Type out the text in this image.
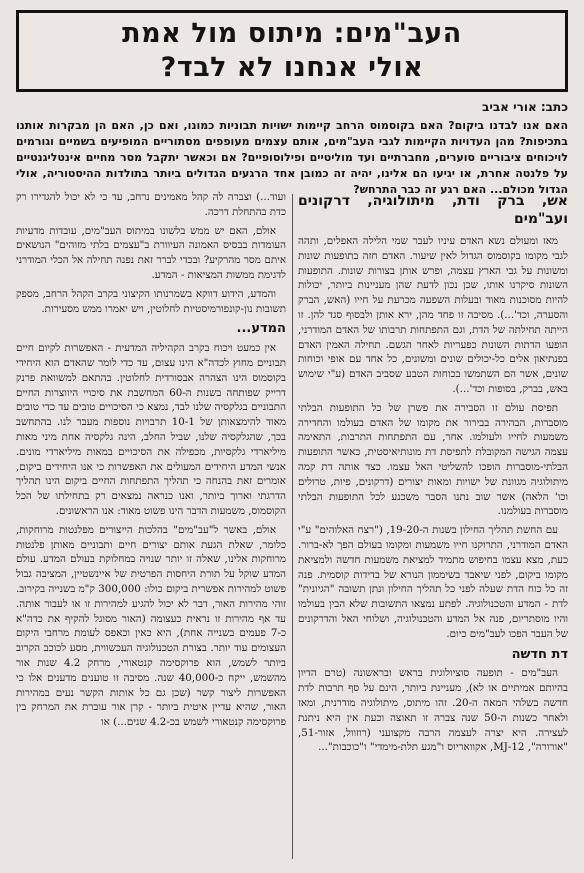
העב"מים: מיתוס מול אמת
אולי אנחנו לא לבד?
כתב: אורי אביב
האם אנו לבדנו ביקום? האם בקוסמוס הרחב קיימות ישויות תבוניות כמונו, ואם כן, האם הן מבקרות אותנו בתכיפות? מהן העדויות הקיימות לגבי העב"מים, אותם עצמים מעופפים מסתוריים המופיעים בשמיים וגורמים לויכוחים ציבוריים סוערים, מחברתיים ועד מוליטיים ופילוסופיים? אם וכאשר יתקבל מסר מחיים אינטליגנטיים על פלנטה אחרת, או יגיעו הם אלינו, יהיה זה כמובן אחד הרגעים הגדולים ביותר בתולדות ההיסטוריה, אולי הגדול מכולם... האם רגע זה כבר התרחש?
אש, ברק ודת, מיתולוגיה, דרקונים ועב"מים

מאז ומעולם נשא האדם עיניו לעבר שמי הלילה האפלים, ותהה לגבי מקומו בקוסמוס הגדול לאין שיעור. האדם חזה בתופעות שונות ומשונות על גבי הארץ עצמה, ופרש אותן בצורות שונות. התופעות השונות סיקרנו אותו, שכן נכון לדעת שהן מעניינות ביותר, יכולות להיות מסוכנות מאוד ובעלות השפעה מכרעת על חייו (האש, הברק והסערה, וכד'...). מסיבה זו פחד מהן, ירא אותן ולבסוף סגד להן. זו הייתה תחילתה של הדת, וגם התפתחות תרבותו של האדם המודרני, הופעו הדתות השונות כפעריות לאחר הגשם. תחילה האמין האדם בפנתיאון אלים כל-יכולים שונים ומשונים, כל אחד עם אופי וכוחות שונים, אשר הם השתמשו בכוחות הטבע שסביב האדם (ע"י שימוש באש, בברק, בסופות וכד'...).

תפיסת עולם זו הסבירה את פשרן של כל התופעות הבלתי מוסברות, הבהירה בבירור את מקומו של האדם בעולמו והחדירה משמעות לחייו ולעולמו. אחר, עם התפתחות התרבות, התאימה עצמה הגישה המקובלת לתפיסת דת מונותיאיסטית, כאשר התופעות הבלתי-מוסברות הופכו להשליטי האל עצמו. כצד אותה דת קמה מיתולוגיה מגוונת של ישויות ומאות יצורים (דרקונים, פיות, טרולים וכו' הלאה) אשר שוב נתנו הסבר משכנע לכל התופעות הבלתי מוסברות בעולמנו.

עם החשת תהליך החילון בשנות ה-19-20, ("רצח האלוהים" ע"י האדם המודרני, התרוקנו חייו משמעות ומקומו בעולם הפך לא-ברור. כעת, מצא עצמו בחיפוש מתמיד למציאת משמעות חדשה ולמציאת מקומו ביקום, לפני שיאבד בשיממון הנורא של בדידות קוסמית. פנה זה כל כוח הדת שעלה לפני כל תהליך החילון ונתן תשובה "הגיונית" לדת - המדע והטכנולוגיה. לפתע נמצאו התשובות שלא הבין בעולמו והיו מוסתריום, פנה אל המדע והטכנולוגיה, ושלוחי האל והדרקונים של העבר הפכו לעב"מים כיום.

דת חדשה

העב"מים - תופעה סוציולוגית בראש ובראשונה (טרם הדיון בהיותם אמיתיים או לא), מעניינת ביותר, הינם על סף תרבות לדת חדשה בשלהי המאה ה-20. זהו מיתוס, מיתולוגיה מודרנית, ומאז ולאחר כשנות ה-50 שנה צברה זו תאוצה וכעת אין היא ניתנת לעצירה. היא יצרה לעצמה הרבה מקצועני (רוזוול, אזור-51, "אורורה", MJ-12, אקוואריוס ו"מגע תלת-מימדי" ו"כוכבות"...

ועוד...) וצברה לה קהל מאמינים נרחב, עד כי לא יכול להגדירו רק כדת בהתחלת דרכה.

אולם, האם יש ממש בלשונו במיתוס העב"מים, עובדות מדעיות העומדות בבסיס האמונה העיוורת ב"עצמים בלתי מזוהים" הנושאים איתם מסר מהרקיע? ובכדי לברר זאת נפנה תחילה אל הכלי המודרני לדגימת ממשות המציאות - המדע.

והמדע, הידוע דווקא בשמרנותו הקיצוני בקרב הקהל הרחב, מספק תשובות נון-קונפורמיסטיות לחלוטין, ויש יאמרו ממש מסעירות.

המדע...

אין כמעט ויכוח בקרב הקהיליה המדעית - האפשרות לקיום חיים תבוניים מחוץ לכדה"א הינו עצום, עד כדי לומר שהאדם הוא היחידי בקוסמוס הינו הצהרה אבסורדית לחלוטין. בהתאם למשוואת פרנק דרייק שפותחה בשנות ה-60 המחשבת את סיכויי היווצרות החיים התבוניים בגלקסיה שלנו לבד, נמצא כי הסיכויים טובים עד כדי טובים מאוד להימצאותן של 10-1 תרבויות נוספות מעבר לנו. בהתחשב בכך, שהגלקסיה שלנו, שביל החלב, הינה גלקסיה אחת מיני מאות מיליארדי גלקסיות, מכפילה את הסיכויים במאות מיליארדי מונים. אנשי המדע היחידים המעולים את האפשרות כי אנו היחידים ביקום, אומרים זאת בהנחה כי תהליך התפתחות החיים ביקום הינו תהליך הדרגתי וארוך ביותר, ואנו כנראה נמצאים רק בתחילתו של הכל הקוסמוס, משמעות הדבר הינו פשוט מאוד: אנו הראשונים.

אולם, באשר ל"עב"מים" בהלכות הייצורים מפלנטות מרוחקות, כלומר, שאלת הגעת אותם יצורים חיים ותבוניים מאותן פלנטות מרוחקות אלינו, שאלה זו יותר שנויה במחלוקת בעולם המדע. עולם המדע שוקל על תורת היחסות הפרטית של איינשטיין, המציבה גבול פשוט למהירות אפשרית ביקום כולו: 300,000 ק"מ בשנייה בקירוב. זוהי מהירות האור, דבר לא יכול להגיע למהירות זו או לעבור אותה. עד אף מהירות זו נראית כעצומה (האור מסוגל להקיף את כדה"א כ-7 פעמים בשנייה אחת), היא כאין וכאפס לעומת מרחבי היקום העצומים עוד יותר. בצורת הטכנולוגיה העכשווית, מסע לכוכב הקרוב ביותר לשמש, הוא פרוקסימה קנטאורי, מרחק 4.2 שנות אור מהשמש, ייקח כ-40,000 שנה. מסיבה זו טוענים מדענים אלו כי האפשרות ליצור קשר (שכן גם כל אותות הקשר נעים במהירות האור, שהיא עדיין איטית ביותר - קרן אור עוברת את המרחק בין פרוקסימה קנטאורי לשמש בכ-4.2 שנים...) או
